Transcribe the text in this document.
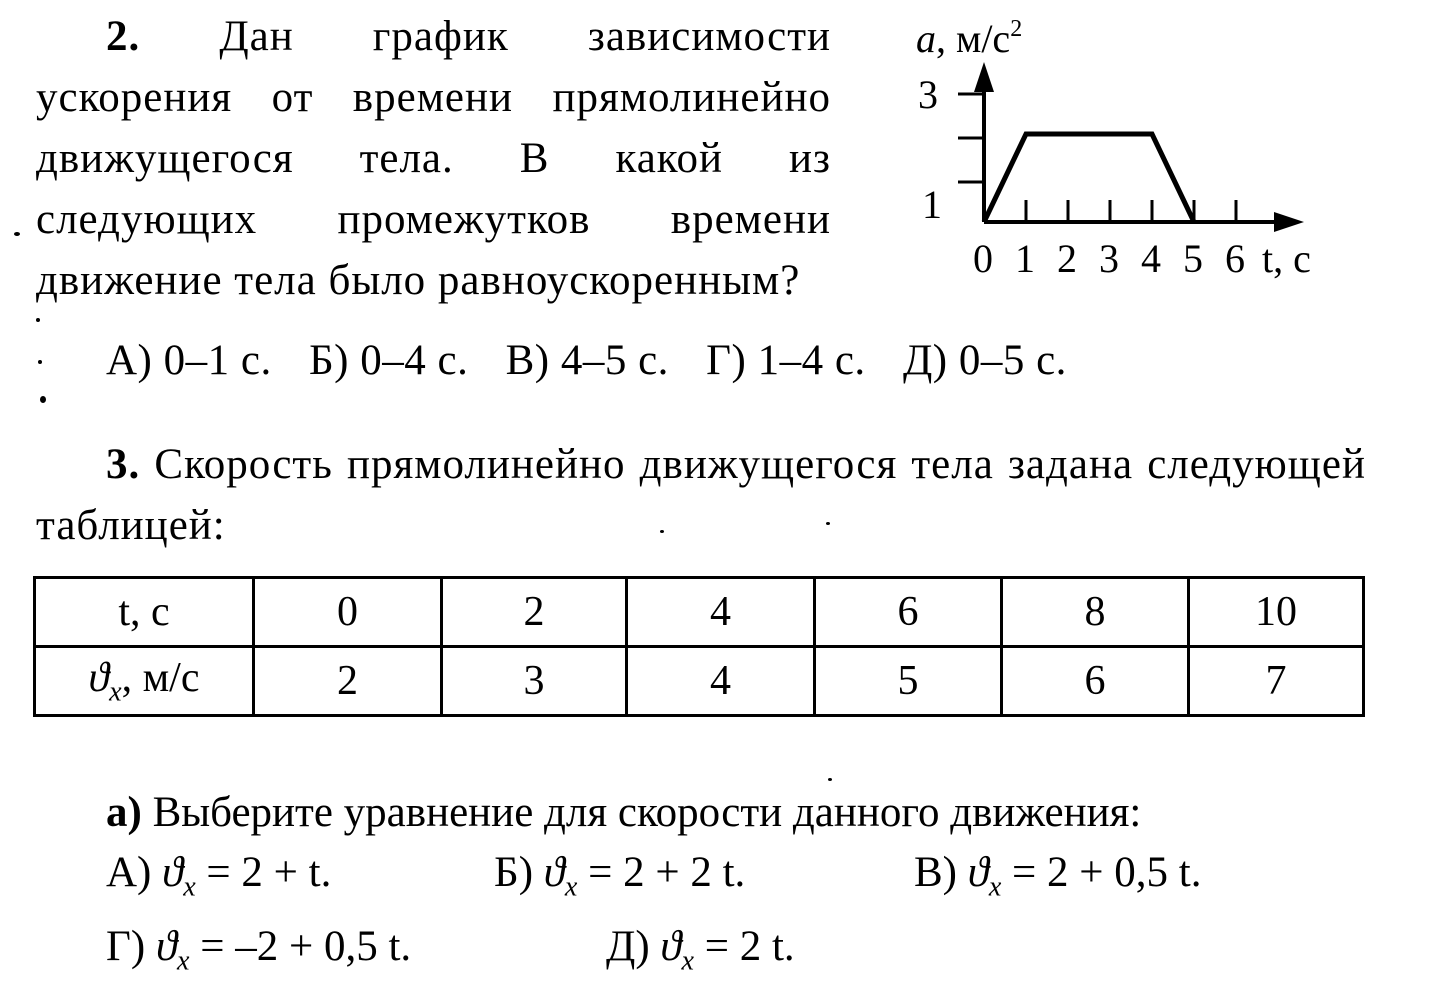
2. Дан график зависимости ускорения от времени прямолинейно движущегося тела. В какой из следующих промежутков времени движение тела было равноускоренным?
a, $м/с^2$
3
1
0 1 2 3 4 5 6 t, с
А) 0–1 с. Б) 0–4 с. В) 4–5 с. Г) 1–4 с. Д) 0–5 с.
3. Скорость прямолинейно движущегося тела задана следующей таблицей:
t, с	0	2	4	6	8	10
$ϑ_x$, м/с	2	3	4	5	6	7
а) Выберите уравнение для скорости данного движения:
А) $ϑ_x = 2 + t$.	Б) $ϑ_x = 2 + 2$ t.	В) $ϑ_x = 2 + 0,5$ t.
Г) $ϑ_x = -2 + 0,5$ t.	Д) $ϑ_x = 2$ t.
